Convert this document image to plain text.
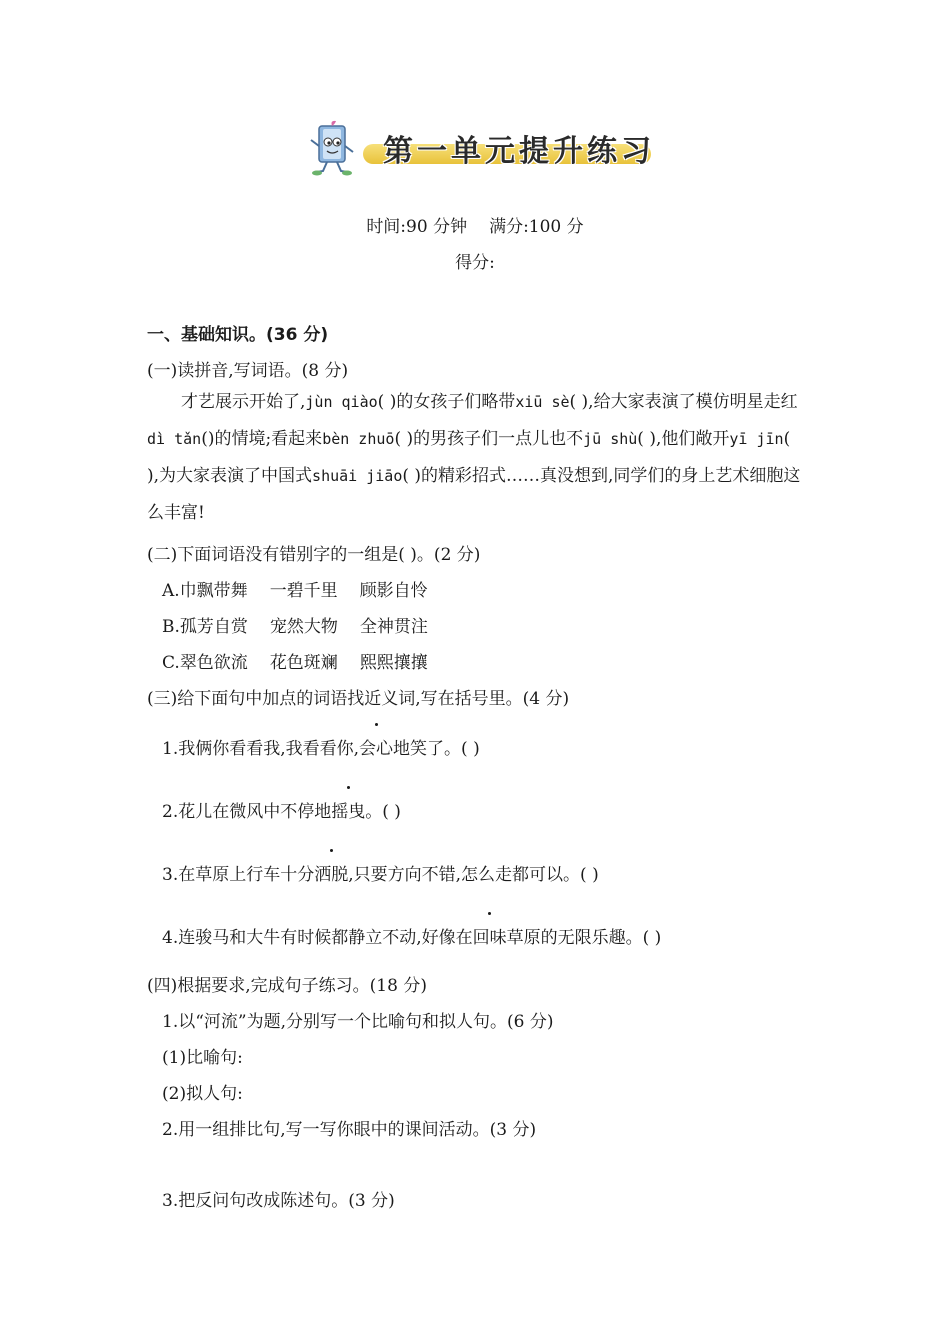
第一单元提升练习
时间:90 分钟 满分:100 分
得分:
一、基础知识。(36 分)
(一)读拼音,写词语。(8 分)
才艺展示开始了,jùn qiào( )的女孩子们略带xiū sè( ),给大家表演了模仿明星走红dì tǎn()的情境;看起来bèn zhuō( )的男孩子们一点儿也不jū shù( ),他们敞开yī jīn( ),为大家表演了中国式shuāi jiāo( )的精彩招式……真没想到,同学们的身上艺术细胞这么丰富!
(二)下面词语没有错别字的一组是( )。(2 分)
A.巾飘带舞 一碧千里 顾影自怜
B.孤芳自赏 宠然大物 全神贯注
C.翠色欲流 花色斑斓 熙熙攘攘
(三)给下面句中加点的词语找近义词,写在括号里。(4 分)
1.我俩你看看我,我看看你,会心地笑了。( )
2.花儿在微风中不停地摇曳。( )
3.在草原上行车十分洒脱,只要方向不错,怎么走都可以。( )
4.连骏马和大牛有时候都静立不动,好像在回味草原的无限乐趣。( )
(四)根据要求,完成句子练习。(18 分)
1.以“河流”为题,分别写一个比喻句和拟人句。(6 分)
(1)比喻句:
(2)拟人句:
2.用一组排比句,写一写你眼中的课间活动。(3 分)
3.把反问句改成陈述句。(3 分)
